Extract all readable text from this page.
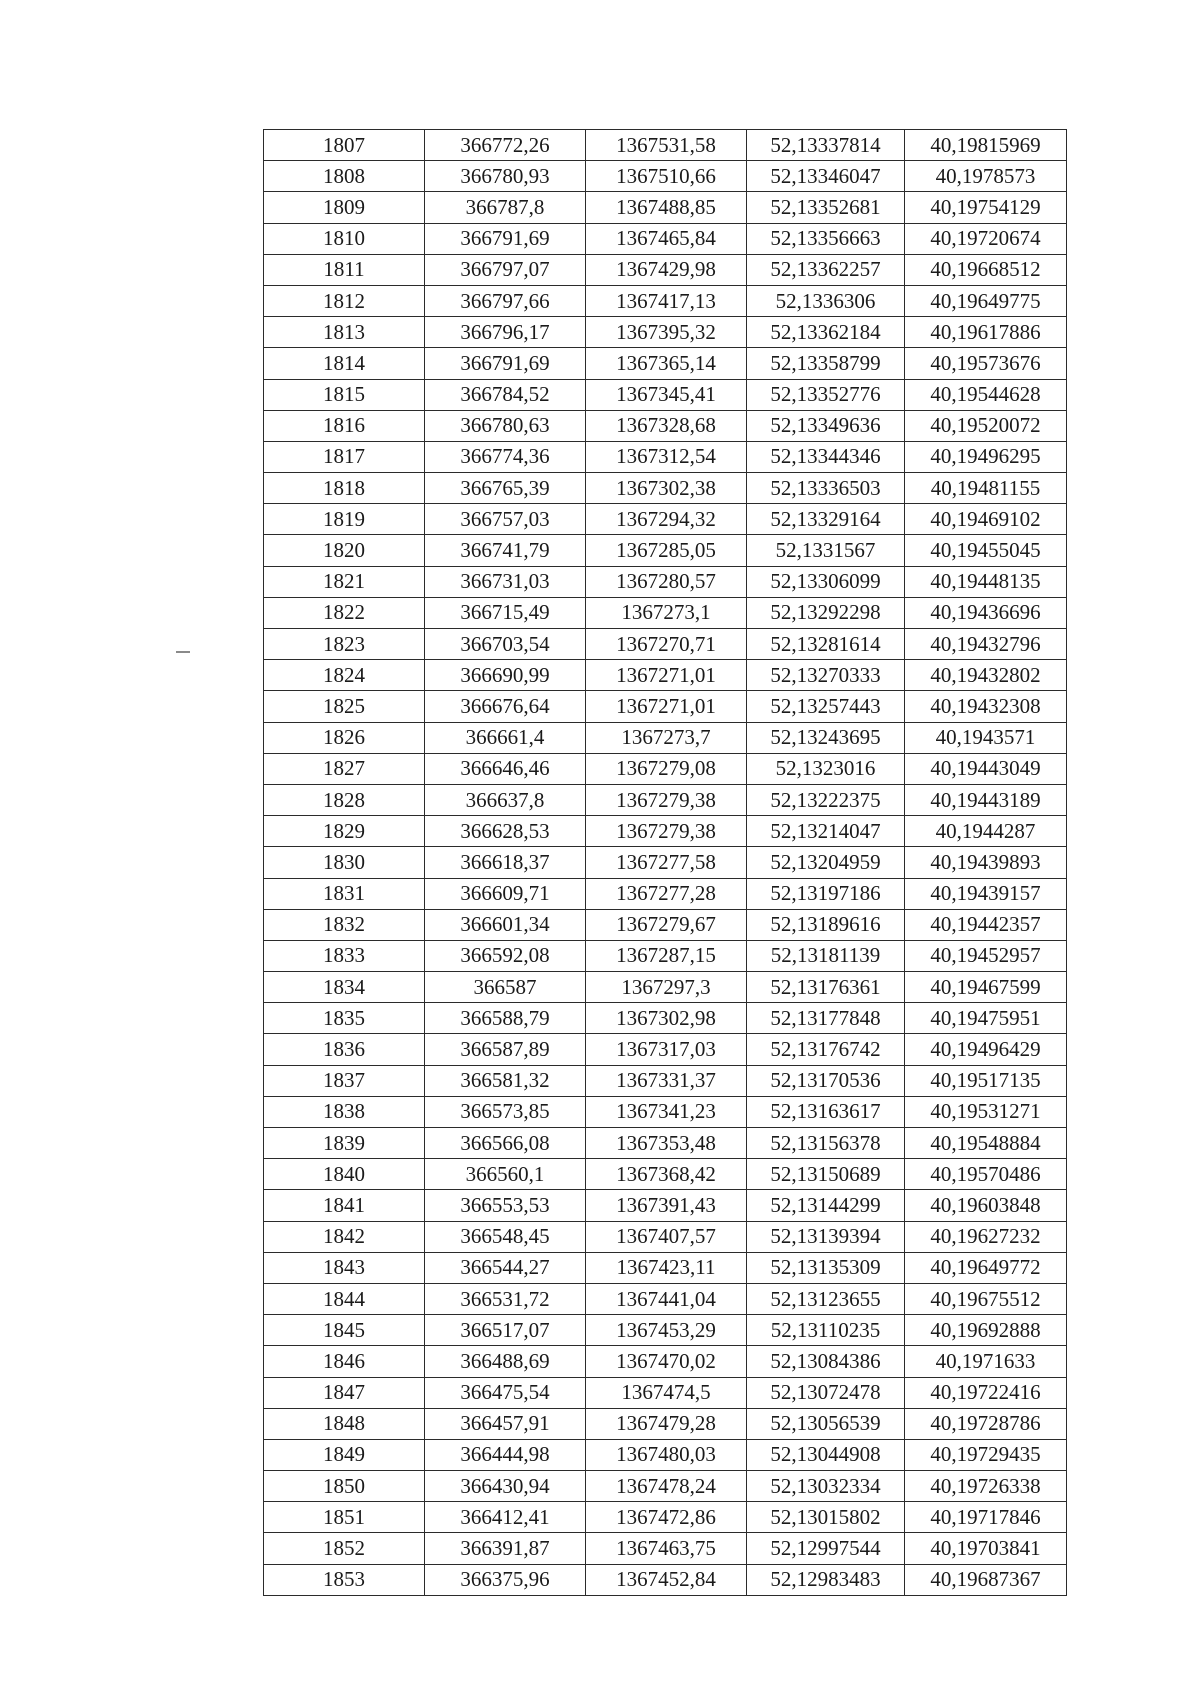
1807	366772,26	1367531,58	52,13337814	40,19815969
1808	366780,93	1367510,66	52,13346047	40,1978573
1809	366787,8	1367488,85	52,13352681	40,19754129
1810	366791,69	1367465,84	52,13356663	40,19720674
1811	366797,07	1367429,98	52,13362257	40,19668512
1812	366797,66	1367417,13	52,1336306	40,19649775
1813	366796,17	1367395,32	52,13362184	40,19617886
1814	366791,69	1367365,14	52,13358799	40,19573676
1815	366784,52	1367345,41	52,13352776	40,19544628
1816	366780,63	1367328,68	52,13349636	40,19520072
1817	366774,36	1367312,54	52,13344346	40,19496295
1818	366765,39	1367302,38	52,13336503	40,19481155
1819	366757,03	1367294,32	52,13329164	40,19469102
1820	366741,79	1367285,05	52,1331567	40,19455045
1821	366731,03	1367280,57	52,13306099	40,19448135
1822	366715,49	1367273,1	52,13292298	40,19436696
1823	366703,54	1367270,71	52,13281614	40,19432796
1824	366690,99	1367271,01	52,13270333	40,19432802
1825	366676,64	1367271,01	52,13257443	40,19432308
1826	366661,4	1367273,7	52,13243695	40,1943571
1827	366646,46	1367279,08	52,1323016	40,19443049
1828	366637,8	1367279,38	52,13222375	40,19443189
1829	366628,53	1367279,38	52,13214047	40,1944287
1830	366618,37	1367277,58	52,13204959	40,19439893
1831	366609,71	1367277,28	52,13197186	40,19439157
1832	366601,34	1367279,67	52,13189616	40,19442357
1833	366592,08	1367287,15	52,13181139	40,19452957
1834	366587	1367297,3	52,13176361	40,19467599
1835	366588,79	1367302,98	52,13177848	40,19475951
1836	366587,89	1367317,03	52,13176742	40,19496429
1837	366581,32	1367331,37	52,13170536	40,19517135
1838	366573,85	1367341,23	52,13163617	40,19531271
1839	366566,08	1367353,48	52,13156378	40,19548884
1840	366560,1	1367368,42	52,13150689	40,19570486
1841	366553,53	1367391,43	52,13144299	40,19603848
1842	366548,45	1367407,57	52,13139394	40,19627232
1843	366544,27	1367423,11	52,13135309	40,19649772
1844	366531,72	1367441,04	52,13123655	40,19675512
1845	366517,07	1367453,29	52,13110235	40,19692888
1846	366488,69	1367470,02	52,13084386	40,1971633
1847	366475,54	1367474,5	52,13072478	40,19722416
1848	366457,91	1367479,28	52,13056539	40,19728786
1849	366444,98	1367480,03	52,13044908	40,19729435
1850	366430,94	1367478,24	52,13032334	40,19726338
1851	366412,41	1367472,86	52,13015802	40,19717846
1852	366391,87	1367463,75	52,12997544	40,19703841
1853	366375,96	1367452,84	52,12983483	40,19687367
